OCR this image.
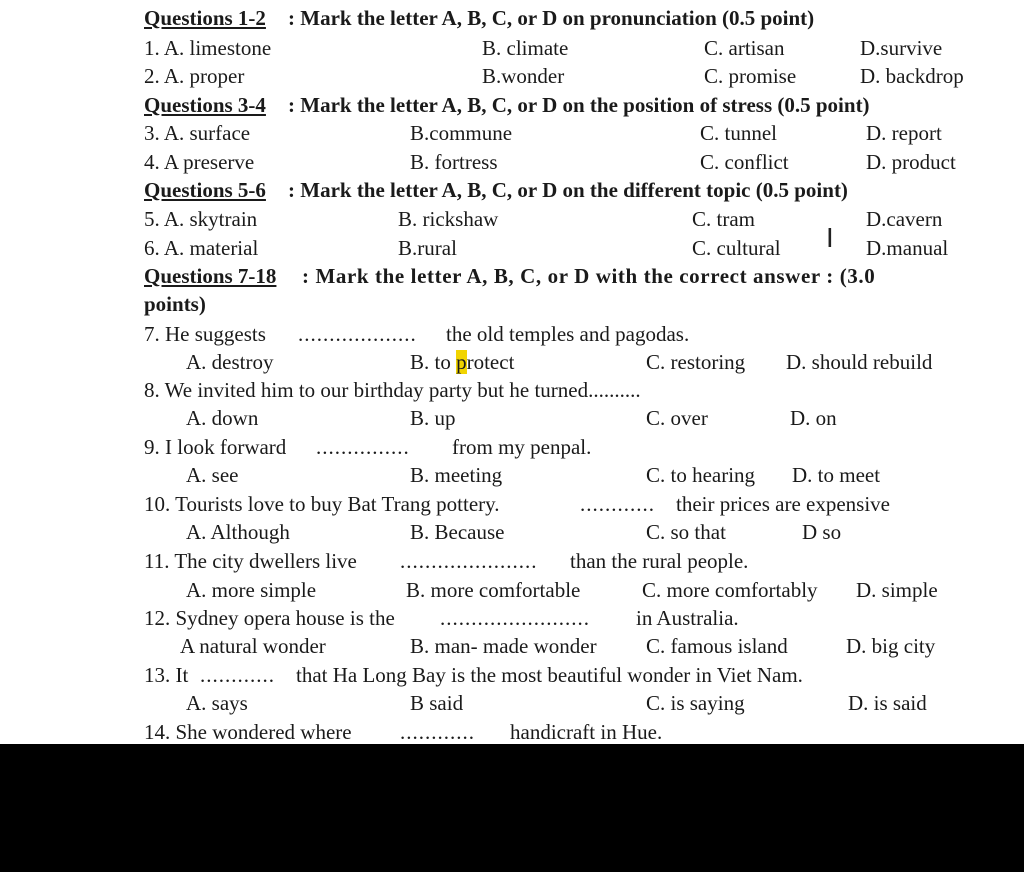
Questions 1-2 : Mark the letter A, B, C, or D on pronunciation (0.5 point)
1. A. limestone	B. climate	C. artisan	D.survive
2. A. proper	B.wonder	C. promise	D. backdrop
Questions 3-4 : Mark the letter A, B, C, or D on the position of stress (0.5 point)
3. A. surface	B.commune	C. tunnel	D. report
4. A preserve	B. fortress	C. conflict	D. product
Questions 5-6 : Mark the letter A, B, C, or D on the different topic (0.5 point)
5. A. skytrain	B. rickshaw	C. tram	D.cavern
6. A. material	B.rural	C. cultural	D.manual
Questions 7-18 : Mark the letter A, B, C, or D with the correct answer : (3.0
points)
7. He suggests ................... the old temples and pagodas.
A. destroy	B. to protect	C. restoring D. should rebuild
8. We invited him to our birthday party but he turned..........
A. down	B. up	C. over	D. on
9. I look forward ............... from my penpal.
A. see	B. meeting	C. to hearing D. to meet
10. Tourists love to buy Bat Trang pottery.	............ their prices are expensive
A. Although	B. Because	C. so that	D so
11. The city dwellers live ...................... than the rural people.
A. more simple	B. more comfortable	C. more comfortably D. simple
12. Sydney opera house is the ........................ in Australia.
A natural wonder	B. man- made wonder C. famous island	D. big city
13. It ............ that Ha Long Bay is the most beautiful wonder in Viet Nam.
A. says	B said	C. is saying	D. is said
14. She wondered where ............ handicraft in Hue.
I
